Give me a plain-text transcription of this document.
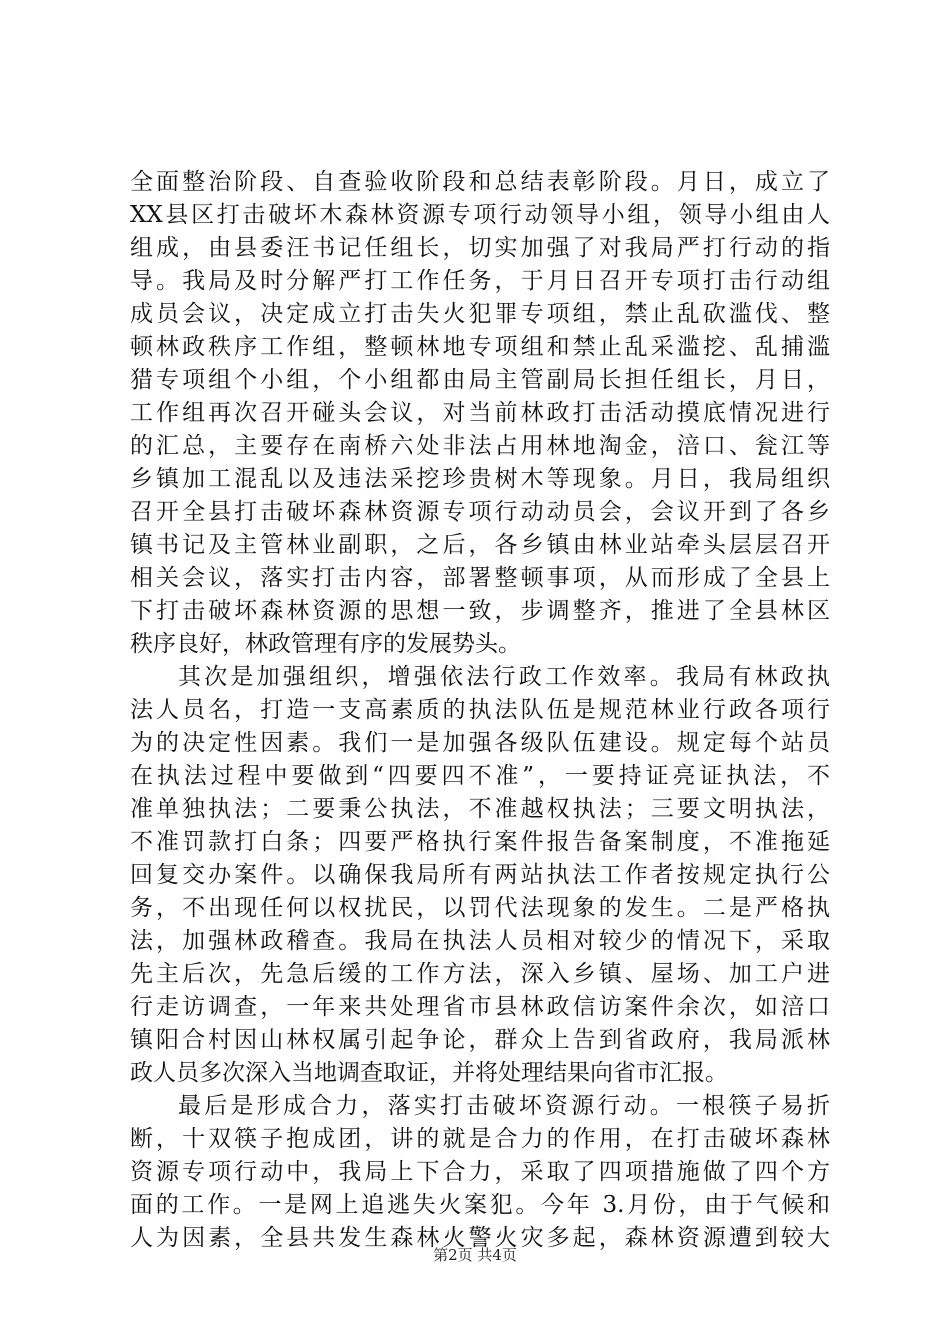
全面整治阶段、自查验收阶段和总结表彰阶段。月日，成立了
XX县区打击破坏木森林资源专项行动领导小组，领导小组由人
组成，由县委汪书记任组长，切实加强了对我局严打行动的指
导。我局及时分解严打工作任务，于月日召开专项打击行动组
成员会议，决定成立打击失火犯罪专项组，禁止乱砍滥伐、整
顿林政秩序工作组，整顿林地专项组和禁止乱采滥挖、乱捕滥
猎专项组个小组，个小组都由局主管副局长担任组长，月日，
工作组再次召开碰头会议，对当前林政打击活动摸底情况进行
的汇总，主要存在南桥六处非法占用林地淘金，涪口、瓮江等
乡镇加工混乱以及违法采挖珍贵树木等现象。月日，我局组织
召开全县打击破坏森林资源专项行动动员会，会议开到了各乡
镇书记及主管林业副职，之后，各乡镇由林业站牵头层层召开
相关会议，落实打击内容，部署整顿事项，从而形成了全县上
下打击破坏森林资源的思想一致，步调整齐，推进了全县林区
秩序良好，林政管理有序的发展势头。
其次是加强组织，增强依法行政工作效率。我局有林政执
法人员名，打造一支高素质的执法队伍是规范林业行政各项行
为的决定性因素。我们一是加强各级队伍建设。规定每个站员
在执法过程中要做到“四要四不准”，一要持证亮证执法，不
准单独执法；二要秉公执法，不准越权执法；三要文明执法，
不准罚款打白条；四要严格执行案件报告备案制度，不准拖延
回复交办案件。以确保我局所有两站执法工作者按规定执行公
务，不出现任何以权扰民，以罚代法现象的发生。二是严格执
法，加强林政稽查。我局在执法人员相对较少的情况下，采取
先主后次，先急后缓的工作方法，深入乡镇、屋场、加工户进
行走访调查，一年来共处理省市县林政信访案件余次，如涪口
镇阳合村因山林权属引起争论，群众上告到省政府，我局派林
政人员多次深入当地调查取证，并将处理结果向省市汇报。
最后是形成合力，落实打击破坏资源行动。一根筷子易折
断，十双筷子抱成团，讲的就是合力的作用，在打击破坏森林
资源专项行动中，我局上下合力，采取了四项措施做了四个方
面的工作。一是网上追逃失火案犯。今年 3.月份，由于气候和
人为因素，全县共发生森林火警火灾多起，森林资源遭到较大
第2页 共4页
